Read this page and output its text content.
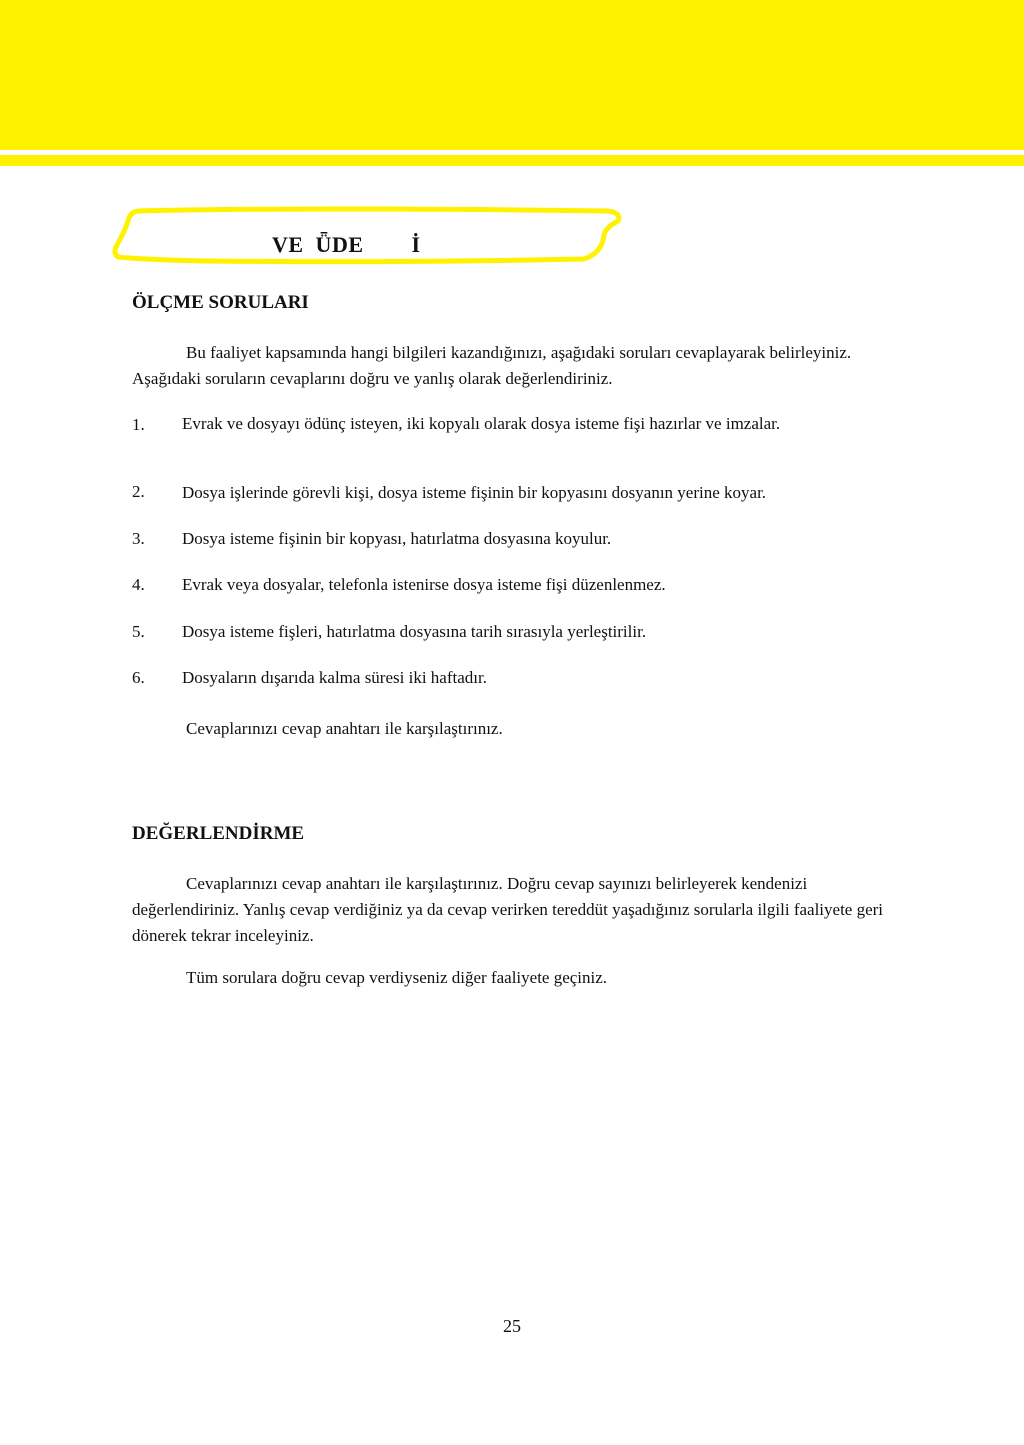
VE  ǕDE        İ
ÖLÇME SORULARI
Bu faaliyet kapsamında hangi bilgileri kazandığınızı, aşağıdaki soruları cevaplayarak belirleyiniz. Aşağıdaki soruların cevaplarını doğru ve yanlış olarak değerlendiriniz.
1. Evrak ve dosyayı ödünç isteyen, iki kopyalı olarak dosya isteme fişi hazırlar ve imzalar.
2. Dosya işlerinde görevli kişi, dosya isteme fişinin bir kopyasını dosyanın yerine koyar.
3. Dosya isteme fişinin bir kopyası, hatırlatma dosyasına koyulur.
4. Evrak veya dosyalar, telefonla istenirse dosya isteme fişi düzenlenmez.
5. Dosya isteme fişleri, hatırlatma dosyasına tarih sırasıyla yerleştirilir.
6. Dosyaların dışarıda kalma süresi iki haftadır.
Cevaplarınızı cevap anahtarı ile karşılaştırınız.
DEĞERLENDİRME
Cevaplarınızı cevap anahtarı ile karşılaştırınız. Doğru cevap sayınızı belirleyerek kendenizi değerlendiriniz. Yanlış cevap verdiğiniz ya da cevap verirken tereddüt yaşadığınız sorularla ilgili faaliyete geri dönerek tekrar inceleyiniz.
Tüm sorulara doğru cevap verdiyseniz diğer faaliyete geçiniz.
25
